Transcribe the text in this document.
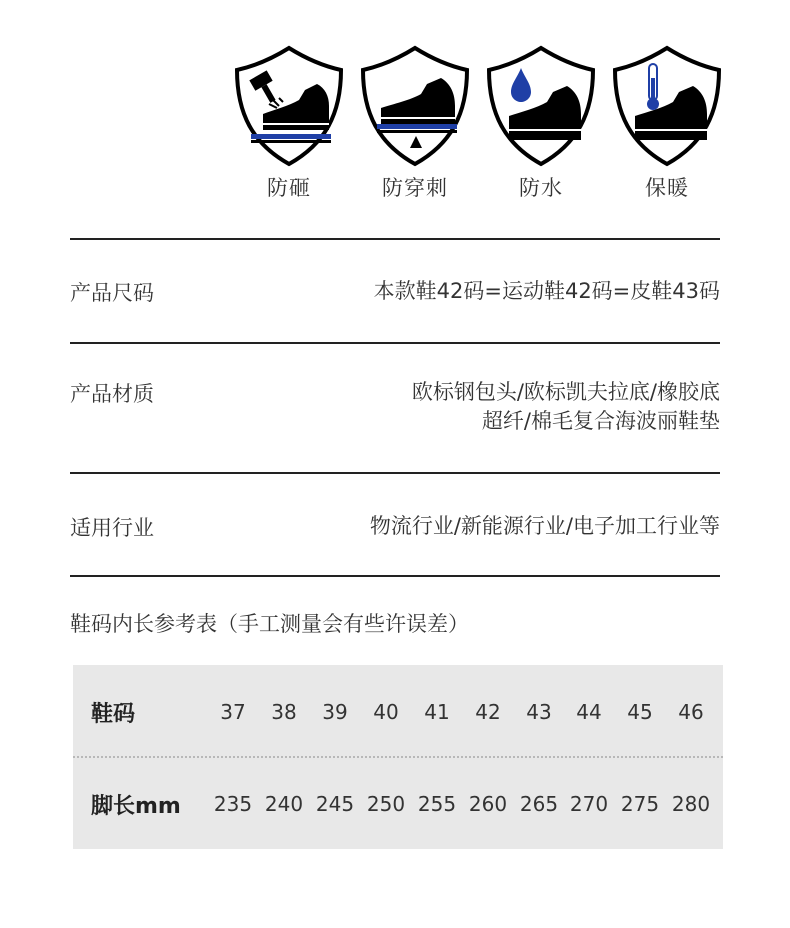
防砸	防穿刺	防水	保暖
产品尺码	本款鞋42码=运动鞋42码=皮鞋43码
产品材质	欧标钢包头/欧标凯夫拉底/橡胶底
超纤/棉毛复合海波丽鞋垫
适用行业	物流行业/新能源行业/电子加工行业等
鞋码内长参考表（手工测量会有些许误差）
鞋码	37	38	39	40	41	42	43	44	45	46
脚长mm 235 240 245 250 255 260 265 270 275 280
